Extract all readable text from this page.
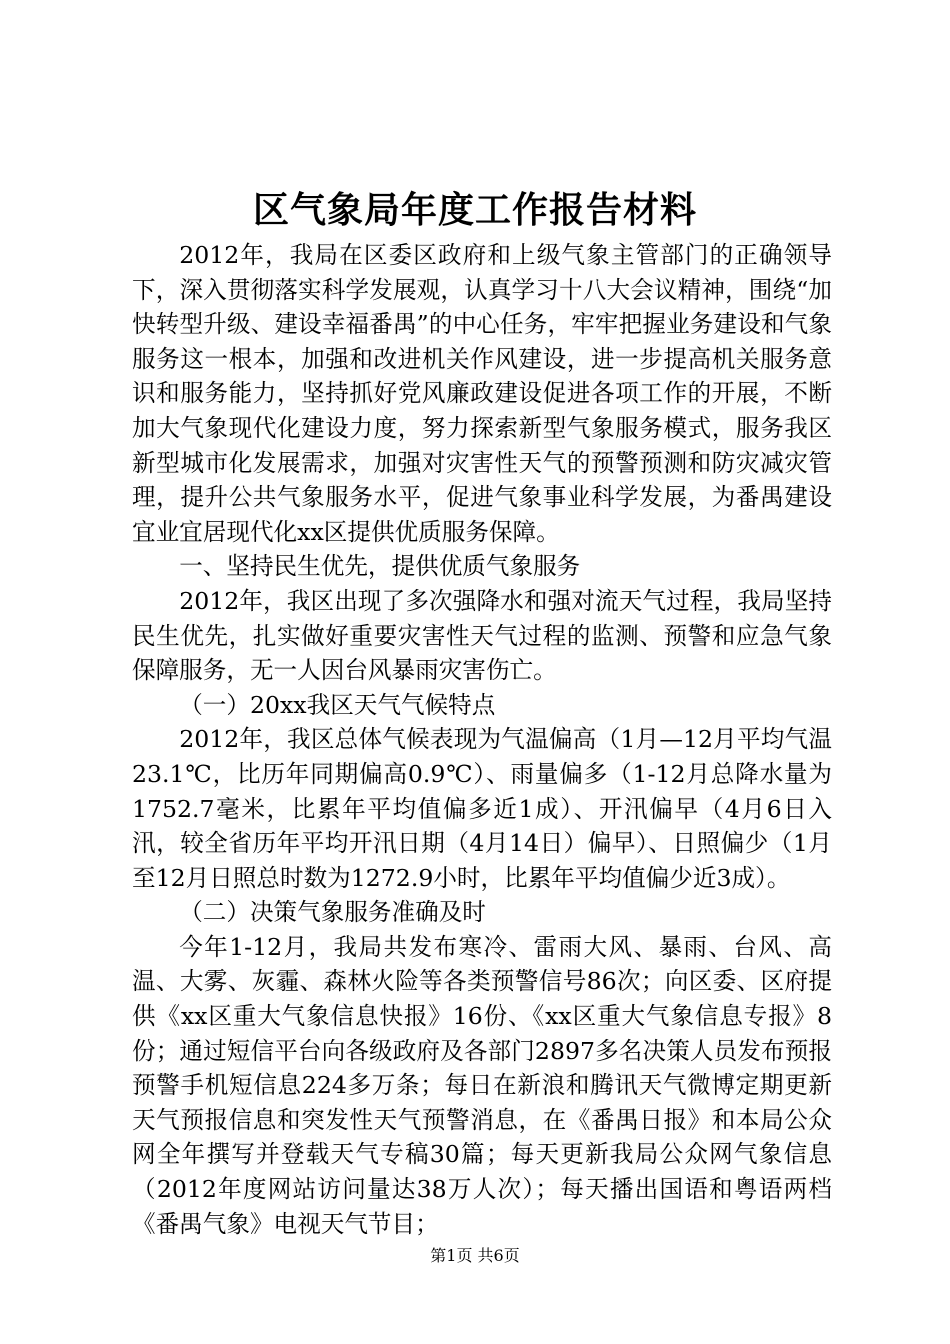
区气象局年度工作报告材料

2012年，我局在区委区政府和上级气象主管部门的正确领导下，深入贯彻落实科学发展观，认真学习十八大会议精神，围绕“加快转型升级、建设幸福番禺”的中心任务，牢牢把握业务建设和气象服务这一根本，加强和改进机关作风建设，进一步提高机关服务意识和服务能力，坚持抓好党风廉政建设促进各项工作的开展，不断加大气象现代化建设力度，努力探索新型气象服务模式，服务我区新型城市化发展需求，加强对灾害性天气的预警预测和防灾减灾管理，提升公共气象服务水平，促进气象事业科学发展，为番禺建设宜业宜居现代化xx区提供优质服务保障。

一、坚持民生优先，提供优质气象服务

2012年，我区出现了多次强降水和强对流天气过程，我局坚持民生优先，扎实做好重要灾害性天气过程的监测、预警和应急气象保障服务，无一人因台风暴雨灾害伤亡。

（一）20xx我区天气气候特点

2012年，我区总体气候表现为气温偏高（1月—12月平均气温23.1℃，比历年同期偏高0.9℃）、雨量偏多（1-12月总降水量为1752.7毫米，比累年平均值偏多近1成）、开汛偏早（4月6日入汛，较全省历年平均开汛日期（4月14日）偏早）、日照偏少（1月至12月日照总时数为1272.9小时，比累年平均值偏少近3成）。

（二）决策气象服务准确及时

今年1-12月，我局共发布寒冷、雷雨大风、暴雨、台风、高温、大雾、灰霾、森林火险等各类预警信号86次；向区委、区府提供《xx区重大气象信息快报》16份、《xx区重大气象信息专报》8份；通过短信平台向各级政府及各部门2897多名决策人员发布预报预警手机短信息224多万条；每日在新浪和腾讯天气微博定期更新天气预报信息和突发性天气预警消息，在《番禺日报》和本局公众网全年撰写并登载天气专稿30篇；每天更新我局公众网气象信息（2012年度网站访问量达38万人次）；每天播出国语和粤语两档《番禺气象》电视天气节目；

第1页 共6页
